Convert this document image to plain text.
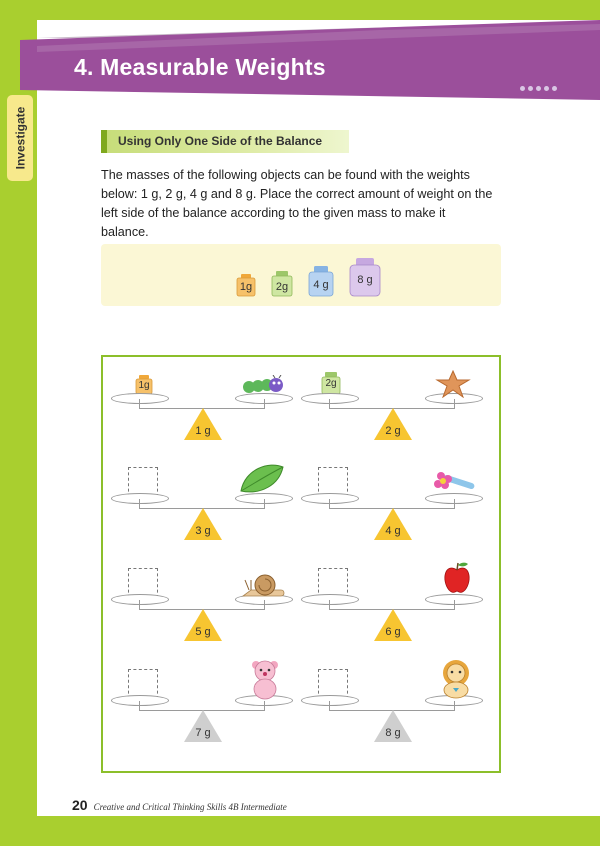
4. Measurable Weights
Investigate	Using Only One Side of the Balance
The masses of the following objects can be found with the weights below: 1 g, 2 g, 4 g and 8 g. Place the correct amount of weight on the left side of the balance according to the given mass to make it balance.
1g	2g	4 g	8 g
1g
1 g
2g
2 g
3 g	4 g
5 g	6 g
7 g	8 g
20 Creative and Critical Thinking Skills 4B Intermediate
